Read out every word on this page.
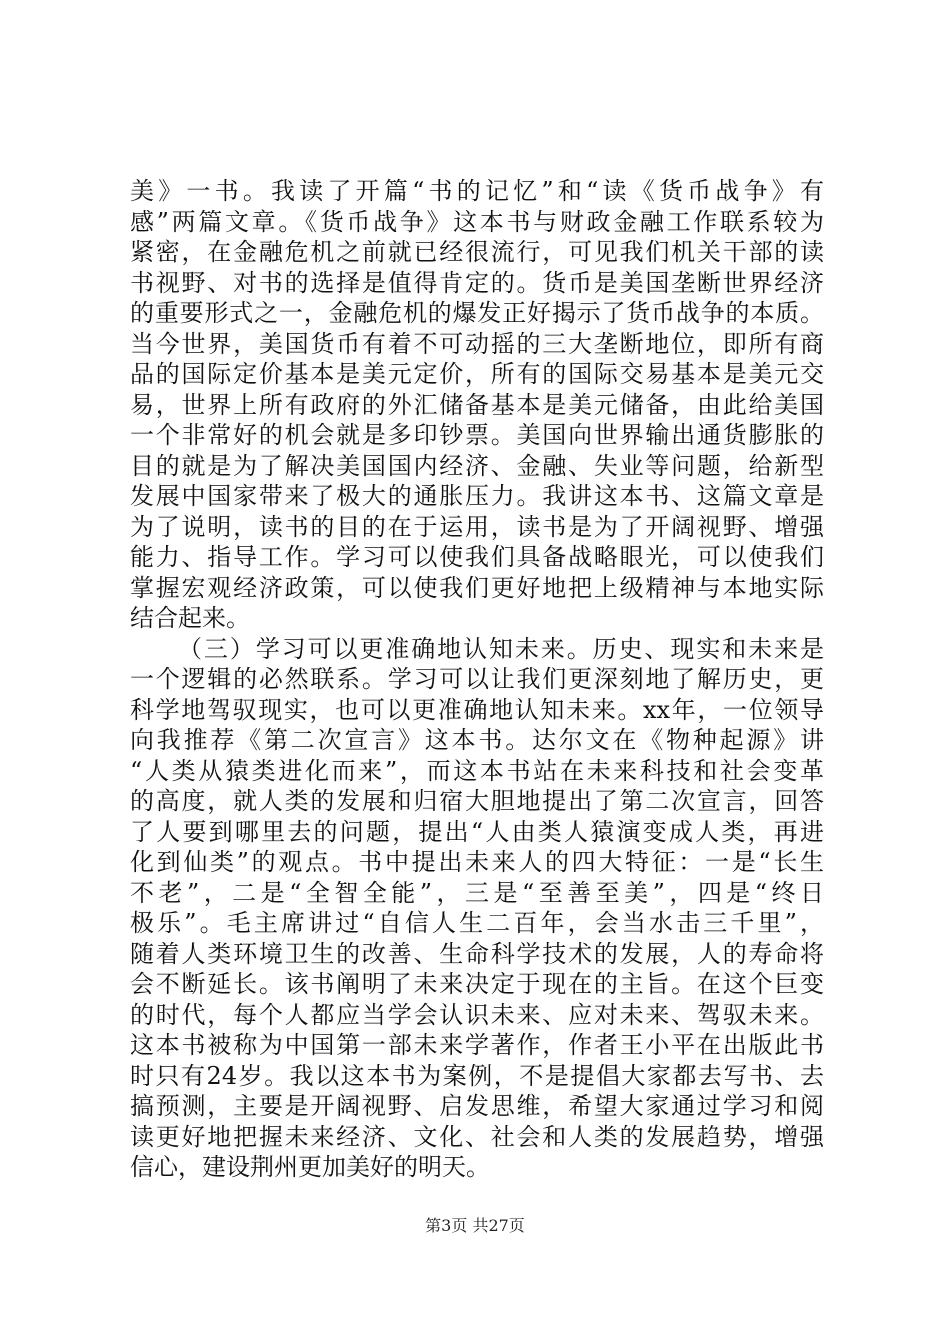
美》一书。我读了开篇“书的记忆”和“读《货币战争》有
感”两篇文章。《货币战争》这本书与财政金融工作联系较为
紧密，在金融危机之前就已经很流行，可见我们机关干部的读
书视野、对书的选择是值得肯定的。货币是美国垄断世界经济
的重要形式之一，金融危机的爆发正好揭示了货币战争的本质。
当今世界，美国货币有着不可动摇的三大垄断地位，即所有商
品的国际定价基本是美元定价，所有的国际交易基本是美元交
易，世界上所有政府的外汇储备基本是美元储备，由此给美国
一个非常好的机会就是多印钞票。美国向世界输出通货膨胀的
目的就是为了解决美国国内经济、金融、失业等问题，给新型
发展中国家带来了极大的通胀压力。我讲这本书、这篇文章是
为了说明，读书的目的在于运用，读书是为了开阔视野、增强
能力、指导工作。学习可以使我们具备战略眼光，可以使我们
掌握宏观经济政策，可以使我们更好地把上级精神与本地实际
结合起来。
（三）学习可以更准确地认知未来。历史、现实和未来是
一个逻辑的必然联系。学习可以让我们更深刻地了解历史，更
科学地驾驭现实，也可以更准确地认知未来。xx年，一位领导
向我推荐《第二次宣言》这本书。达尔文在《物种起源》讲
“人类从猿类进化而来”，而这本书站在未来科技和社会变革
的高度，就人类的发展和归宿大胆地提出了第二次宣言，回答
了人要到哪里去的问题，提出“人由类人猿演变成人类，再进
化到仙类”的观点。书中提出未来人的四大特征：一是“长生
不老”，二是“全智全能”，三是“至善至美”，四是“终日
极乐”。毛主席讲过“自信人生二百年，会当水击三千里”，
随着人类环境卫生的改善、生命科学技术的发展，人的寿命将
会不断延长。该书阐明了未来决定于现在的主旨。在这个巨变
的时代，每个人都应当学会认识未来、应对未来、驾驭未来。
这本书被称为中国第一部未来学著作，作者王小平在出版此书
时只有24岁。我以这本书为案例，不是提倡大家都去写书、去
搞预测，主要是开阔视野、启发思维，希望大家通过学习和阅
读更好地把握未来经济、文化、社会和人类的发展趋势，增强
信心，建设荆州更加美好的明天。
第3页 共27页
